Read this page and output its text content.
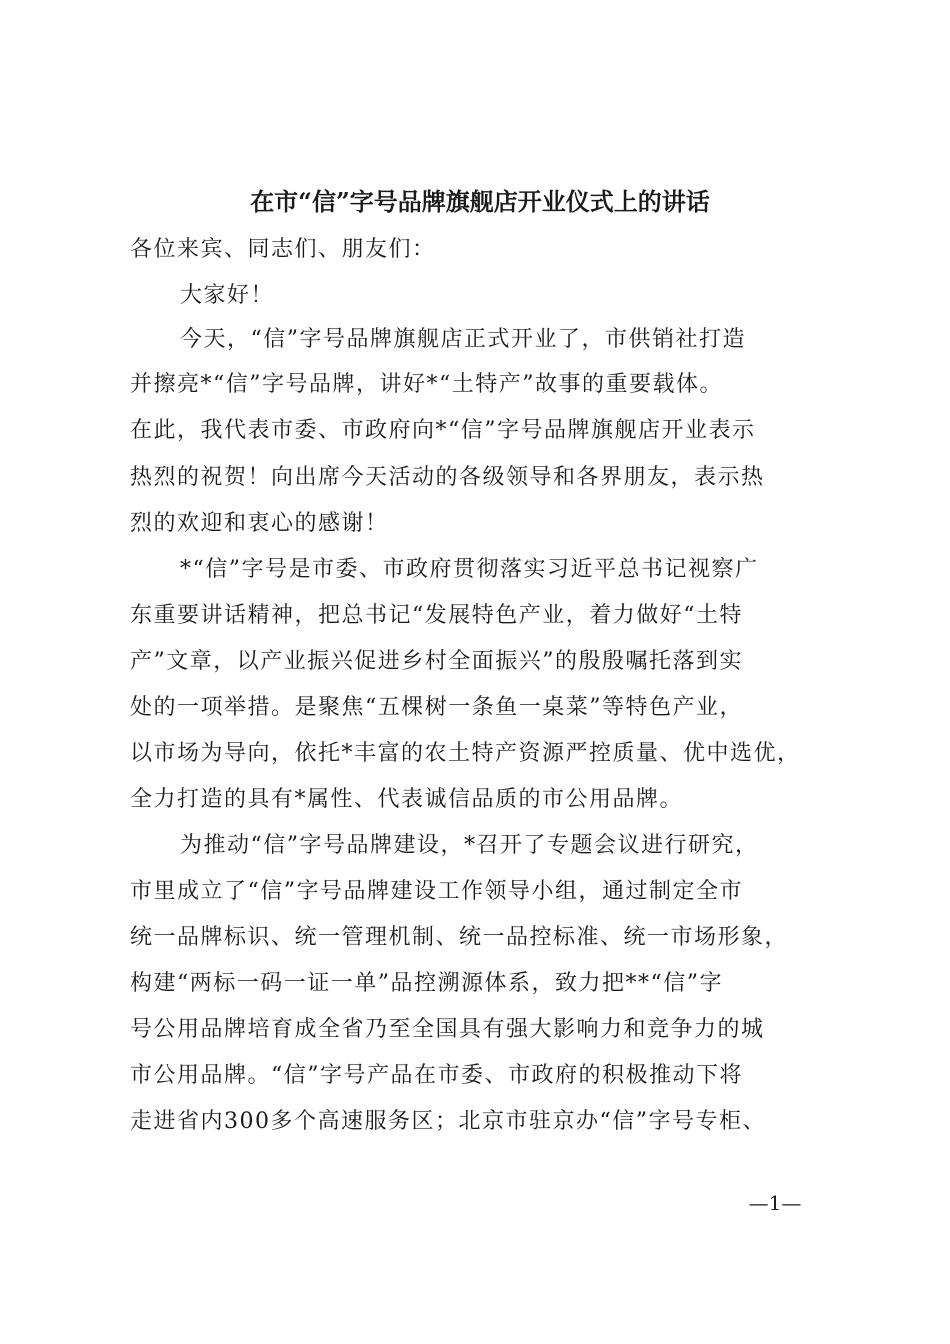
在市“信”字号品牌旗舰店开业仪式上的讲话
各位来宾、同志们、朋友们：
大家好！
今天，“信”字号品牌旗舰店正式开业了，市供销社打造
并擦亮*“信”字号品牌，讲好*“土特产”故事的重要载体。
在此，我代表市委、市政府向*“信”字号品牌旗舰店开业表示
热烈的祝贺！向出席今天活动的各级领导和各界朋友，表示热
烈的欢迎和衷心的感谢！
*“信”字号是市委、市政府贯彻落实习近平总书记视察广
东重要讲话精神，把总书记“发展特色产业，着力做好“土特
产”文章，以产业振兴促进乡村全面振兴”的殷殷嘱托落到实
处的一项举措。是聚焦“五棵树一条鱼一桌菜”等特色产业，
以市场为导向，依托*丰富的农土特产资源严控质量、优中选优，
全力打造的具有*属性、代表诚信品质的市公用品牌。
为推动“信”字号品牌建设，*召开了专题会议进行研究，
市里成立了“信”字号品牌建设工作领导小组，通过制定全市
统一品牌标识、统一管理机制、统一品控标准、统一市场形象，
构建“两标一码一证一单”品控溯源体系，致力把**“信”字
号公用品牌培育成全省乃至全国具有强大影响力和竞争力的城
市公用品牌。“信”字号产品在市委、市政府的积极推动下将
走进省内300多个高速服务区；北京市驻京办“信”字号专柜、
—1—
